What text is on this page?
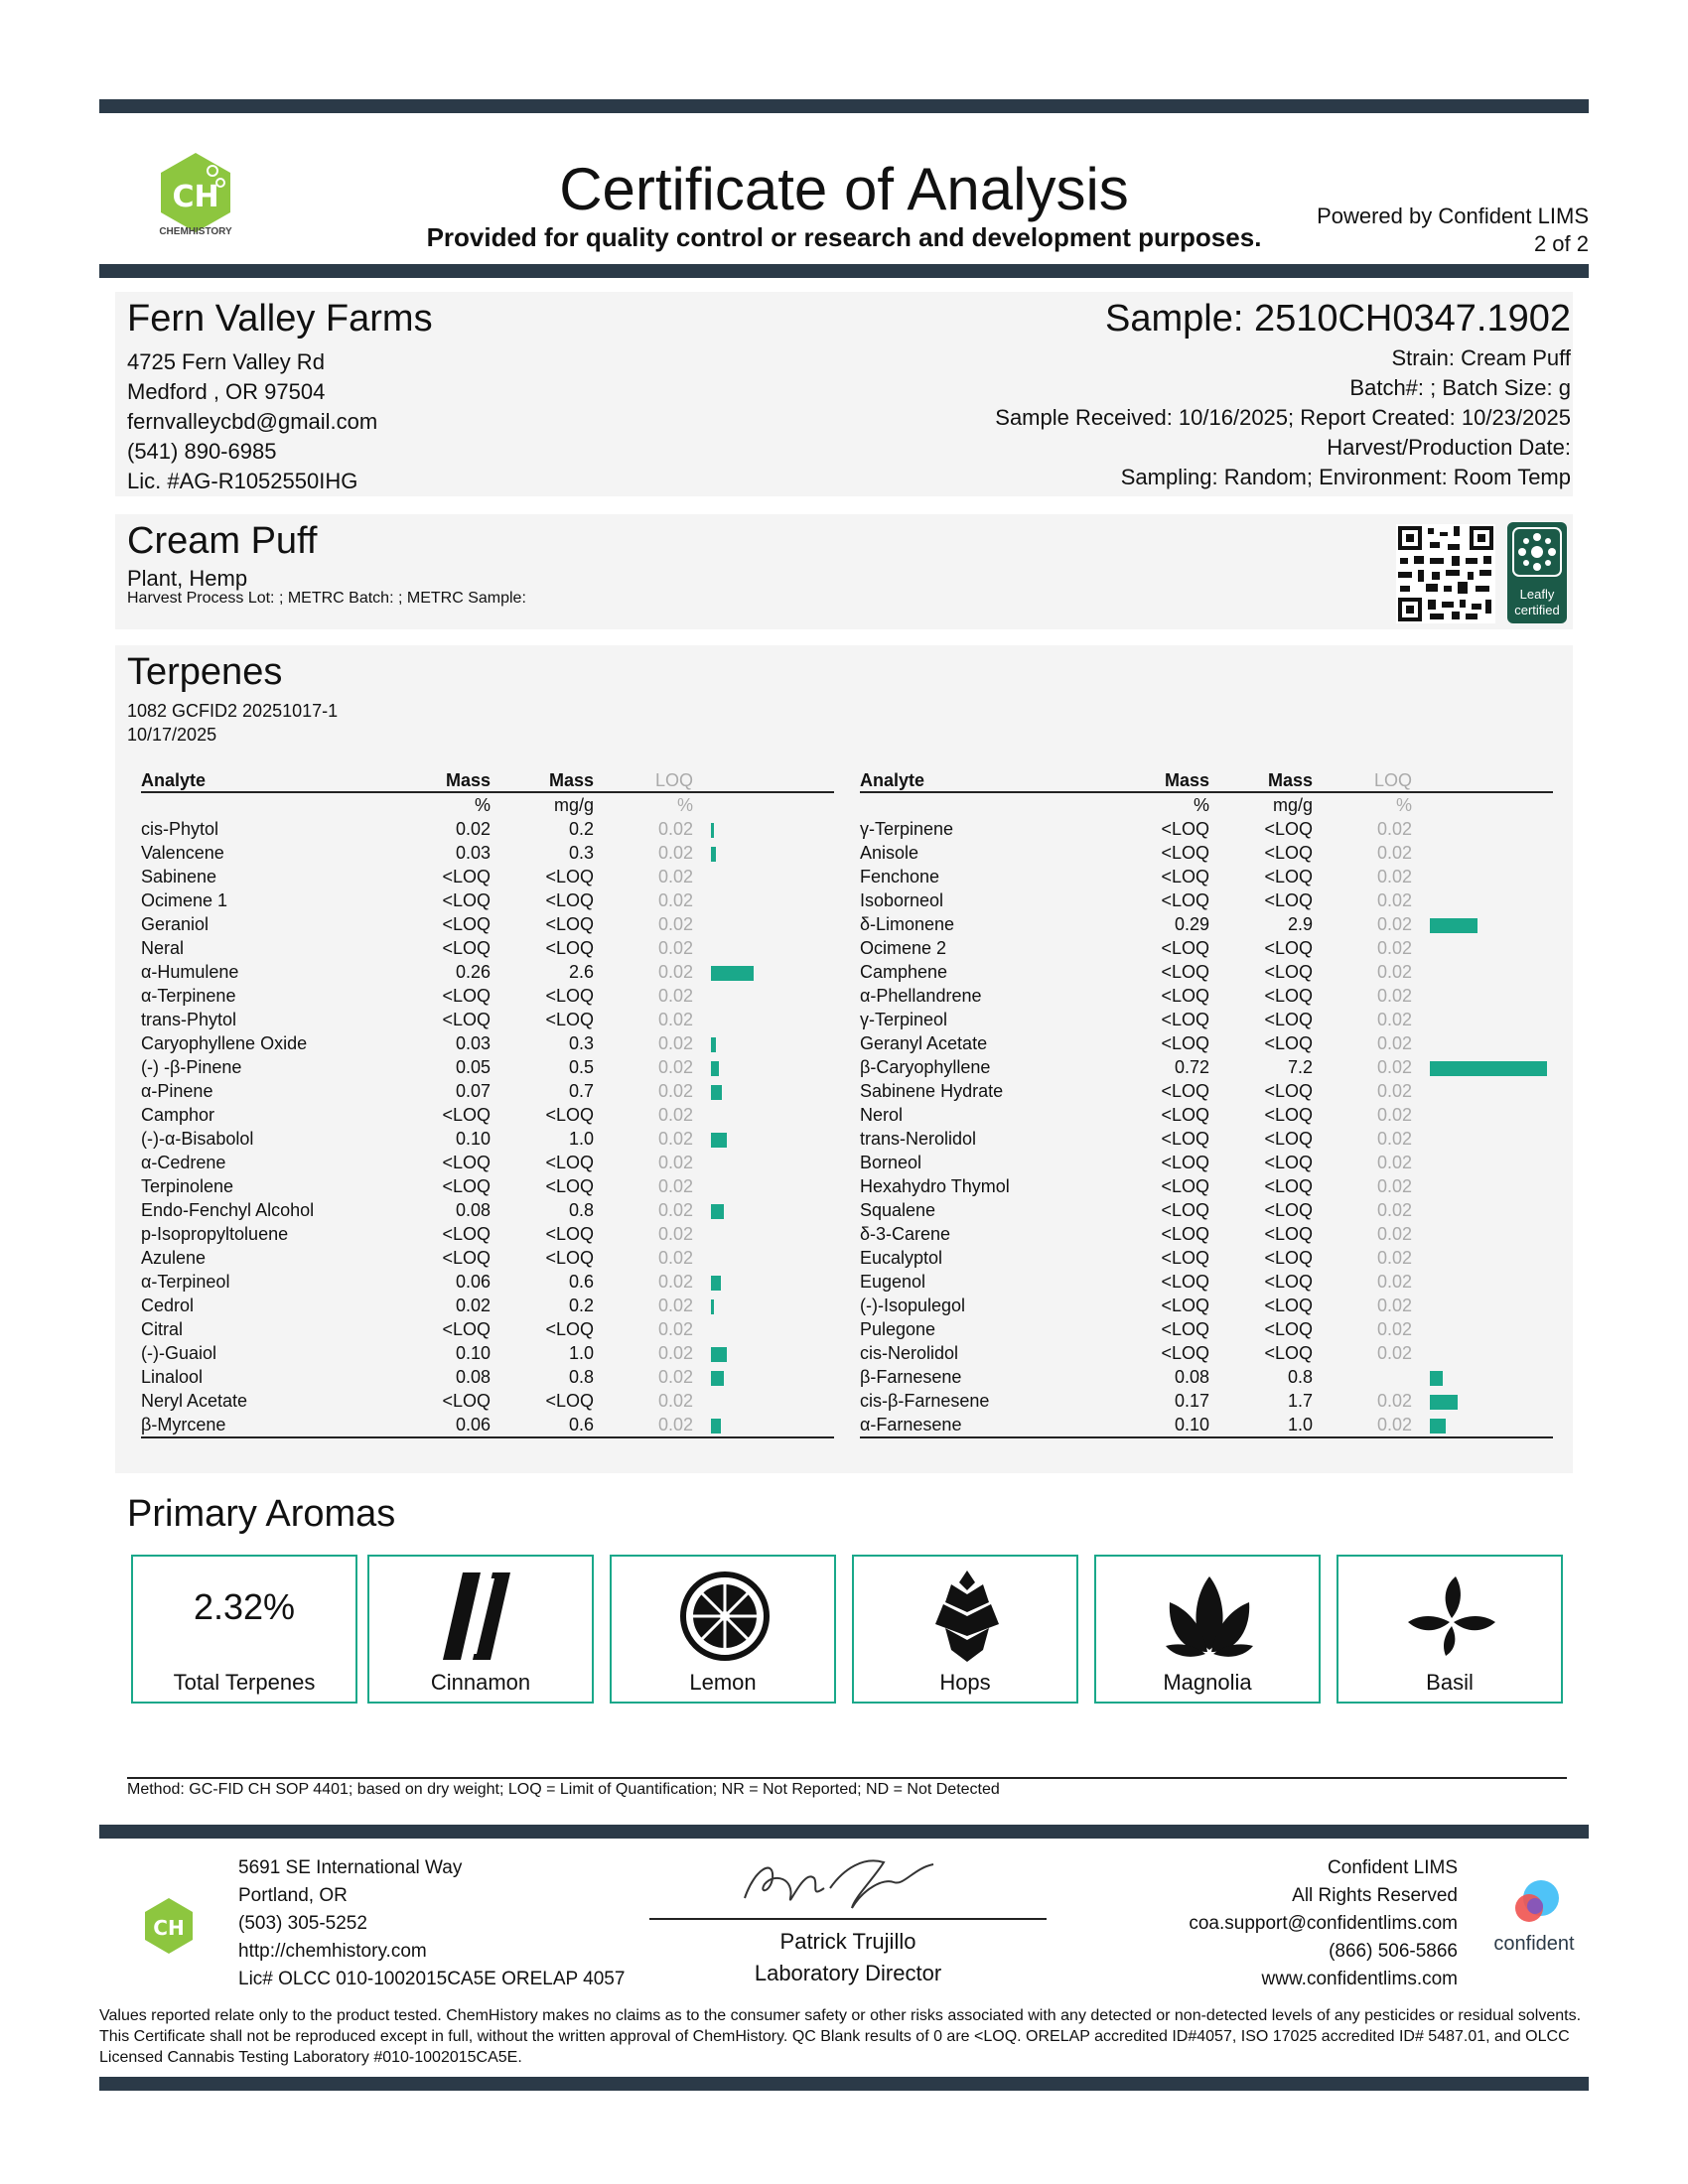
CH
CHEMHISTORY
Certificate of Analysis
Provided for quality control or research and development purposes.
Powered by Confident LIMS
2 of 2
Fern Valley Farms
4725 Fern Valley Rd
Medford , OR 97504
fernvalleycbd@gmail.com
(541) 890-6985
Lic. #AG-R1052550IHG
Sample: 2510CH0347.1902
Strain: Cream Puff
Batch#: ; Batch Size: g
Sample Received: 10/16/2025; Report Created: 10/23/2025
Harvest/Production Date:
Sampling: Random; Environment: Room Temp
Cream Puff
Plant, Hemp
Harvest Process Lot: ; METRC Batch: ; METRC Sample:	Leafly certified
Terpenes
1082 GCFID2 20251017-1
10/17/2025
Analyte	Mass	Mass	LOQ	
	%	mg/g	%	
cis-Phytol	0.02	0.2	0.02	
Valencene	0.03	0.3	0.02	
Sabinene	<LOQ	<LOQ	0.02	
Ocimene 1	<LOQ	<LOQ	0.02	
Geraniol	<LOQ	<LOQ	0.02	
Neral	<LOQ	<LOQ	0.02	
α-Humulene	0.26	2.6	0.02	
α-Terpinene	<LOQ	<LOQ	0.02	
trans-Phytol	<LOQ	<LOQ	0.02	
Caryophyllene Oxide	0.03	0.3	0.02	
(-) -β-Pinene	0.05	0.5	0.02	
α-Pinene	0.07	0.7	0.02	
Camphor	<LOQ	<LOQ	0.02	
(-)-α-Bisabolol	0.10	1.0	0.02	
α-Cedrene	<LOQ	<LOQ	0.02	
Terpinolene	<LOQ	<LOQ	0.02	
Endo-Fenchyl Alcohol	0.08	0.8	0.02	
p-Isopropyltoluene	<LOQ	<LOQ	0.02	
Azulene	<LOQ	<LOQ	0.02	
α-Terpineol	0.06	0.6	0.02	
Cedrol	0.02	0.2	0.02	
Citral	<LOQ	<LOQ	0.02	
(-)-Guaiol	0.10	1.0	0.02	
Linalool	0.08	0.8	0.02	
Neryl Acetate	<LOQ	<LOQ	0.02	
β-Myrcene	0.06	0.6	0.02	
Analyte	Mass	Mass	LOQ	
	%	mg/g	%	
γ-Terpinene	<LOQ	<LOQ	0.02	
Anisole	<LOQ	<LOQ	0.02	
Fenchone	<LOQ	<LOQ	0.02	
Isoborneol	<LOQ	<LOQ	0.02	
δ-Limonene	0.29	2.9	0.02	
Ocimene 2	<LOQ	<LOQ	0.02	
Camphene	<LOQ	<LOQ	0.02	
α-Phellandrene	<LOQ	<LOQ	0.02	
γ-Terpineol	<LOQ	<LOQ	0.02	
Geranyl Acetate	<LOQ	<LOQ	0.02	
β-Caryophyllene	0.72	7.2	0.02	
Sabinene Hydrate	<LOQ	<LOQ	0.02	
Nerol	<LOQ	<LOQ	0.02	
trans-Nerolidol	<LOQ	<LOQ	0.02	
Borneol	<LOQ	<LOQ	0.02	
Hexahydro Thymol	<LOQ	<LOQ	0.02	
Squalene	<LOQ	<LOQ	0.02	
δ-3-Carene	<LOQ	<LOQ	0.02	
Eucalyptol	<LOQ	<LOQ	0.02	
Eugenol	<LOQ	<LOQ	0.02	
(-)-Isopulegol	<LOQ	<LOQ	0.02	
Pulegone	<LOQ	<LOQ	0.02	
cis-Nerolidol	<LOQ	<LOQ	0.02	
β-Farnesene	0.08	0.8		
cis-β-Farnesene	0.17	1.7	0.02	
α-Farnesene	0.10	1.0	0.02	
Primary Aromas
2.32%
Total Terpenes	Cinnamon	Lemon	Hops	Magnolia	Basil
Method: GC-FID CH SOP 4401; based on dry weight; LOQ = Limit of Quantification; NR = Not Reported; ND = Not Detected
CH
5691 SE International Way
Portland, OR
(503) 305-5252
http://chemhistory.com
Lic# OLCC 010-1002015CA5E ORELAP 4057
Patrick Trujillo
Laboratory Director
Confident LIMS
All Rights Reserved
coa.support@confidentlims.com
(866) 506-5866
www.confidentlims.com
confident
Values reported relate only to the product tested. ChemHistory makes no claims as to the consumer safety or other risks associated with any detected or non-detected levels of any pesticides or residual solvents. This Certificate shall not be reproduced except in full, without the written approval of ChemHistory. QC Blank results of 0 are <LOQ. ORELAP accredited ID#4057, ISO 17025 accredited ID# 5487.01, and OLCC Licensed Cannabis Testing Laboratory #010-1002015CA5E.
